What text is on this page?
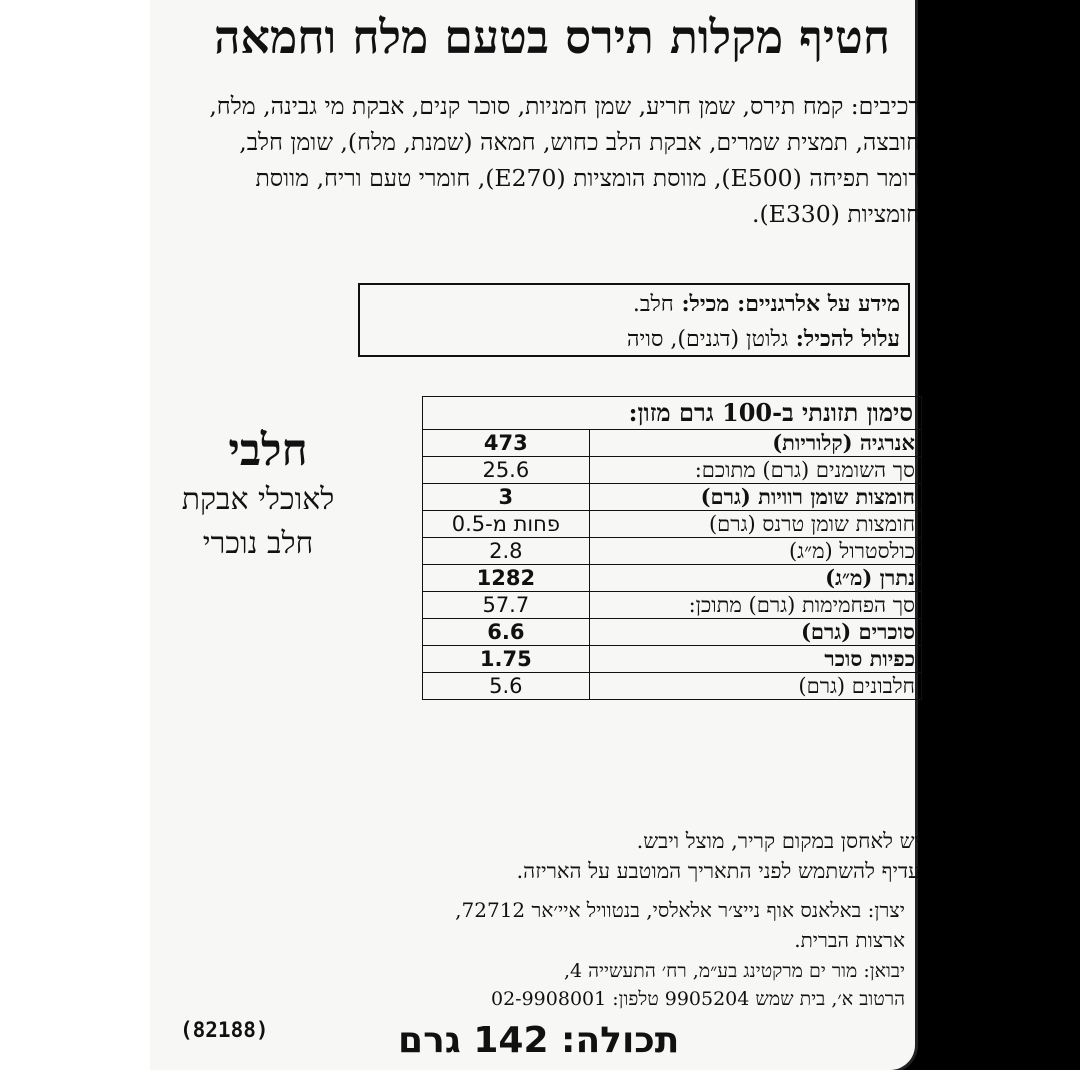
חטיף מקלות תירס בטעם מלח וחמאה
רכיבים: קמח תירס, שמן חריע, שמן חמניות, סוכר קנים, אבקת מי גבינה, מלח, חובצה, תמצית שמרים, אבקת הלב כחוש, חמאה (שמנת, מלח), שומן חלב, רומר תפיחה (E500), מווסת הומציות (E270), חומרי טעם וריח, מווסת חומציות (E330).
מידע על אלרגניים: מכיל: חלב.
עלול להכיל: גלוטן (דגנים), סויה
סימון תזונתי ב-100 גרם מזון:	
אנרגיה (קלוריות)	473
סך השומנים (גרם) מתוכם:	25.6
חומצות שומן רוויות (גרם)	3
חומצות שומן טרנס (גרם)	פחות מ-0.5
כולסטרול (מ״ג)	2.8
נתרן (מ״ג)	1282
סך הפחמימות (גרם) מתוכן:	57.7
סוכרים (גרם)	6.6
כפיות סוכר	1.75
חלבונים (גרם)	5.6
חלבי
לאוכלי אבקת
חלב נוכרי
יש לאחסן במקום קריר, מוצל ויבש.
עדיף להשתמש לפני התאריך המוטבע על האריזה.
יצרן: באלאנס אוף נייצ׳ר אלאלסי, בנטוויל איי׳אר 72712,
ארצות הברית.
יבואן: מור ים מרקטינג בע״מ, רח׳ התעשייה 4,
הרטוב א׳, בית שמש 9905204 טלפון: 02-9908001
(82188)	תכולה: 142 גרם
